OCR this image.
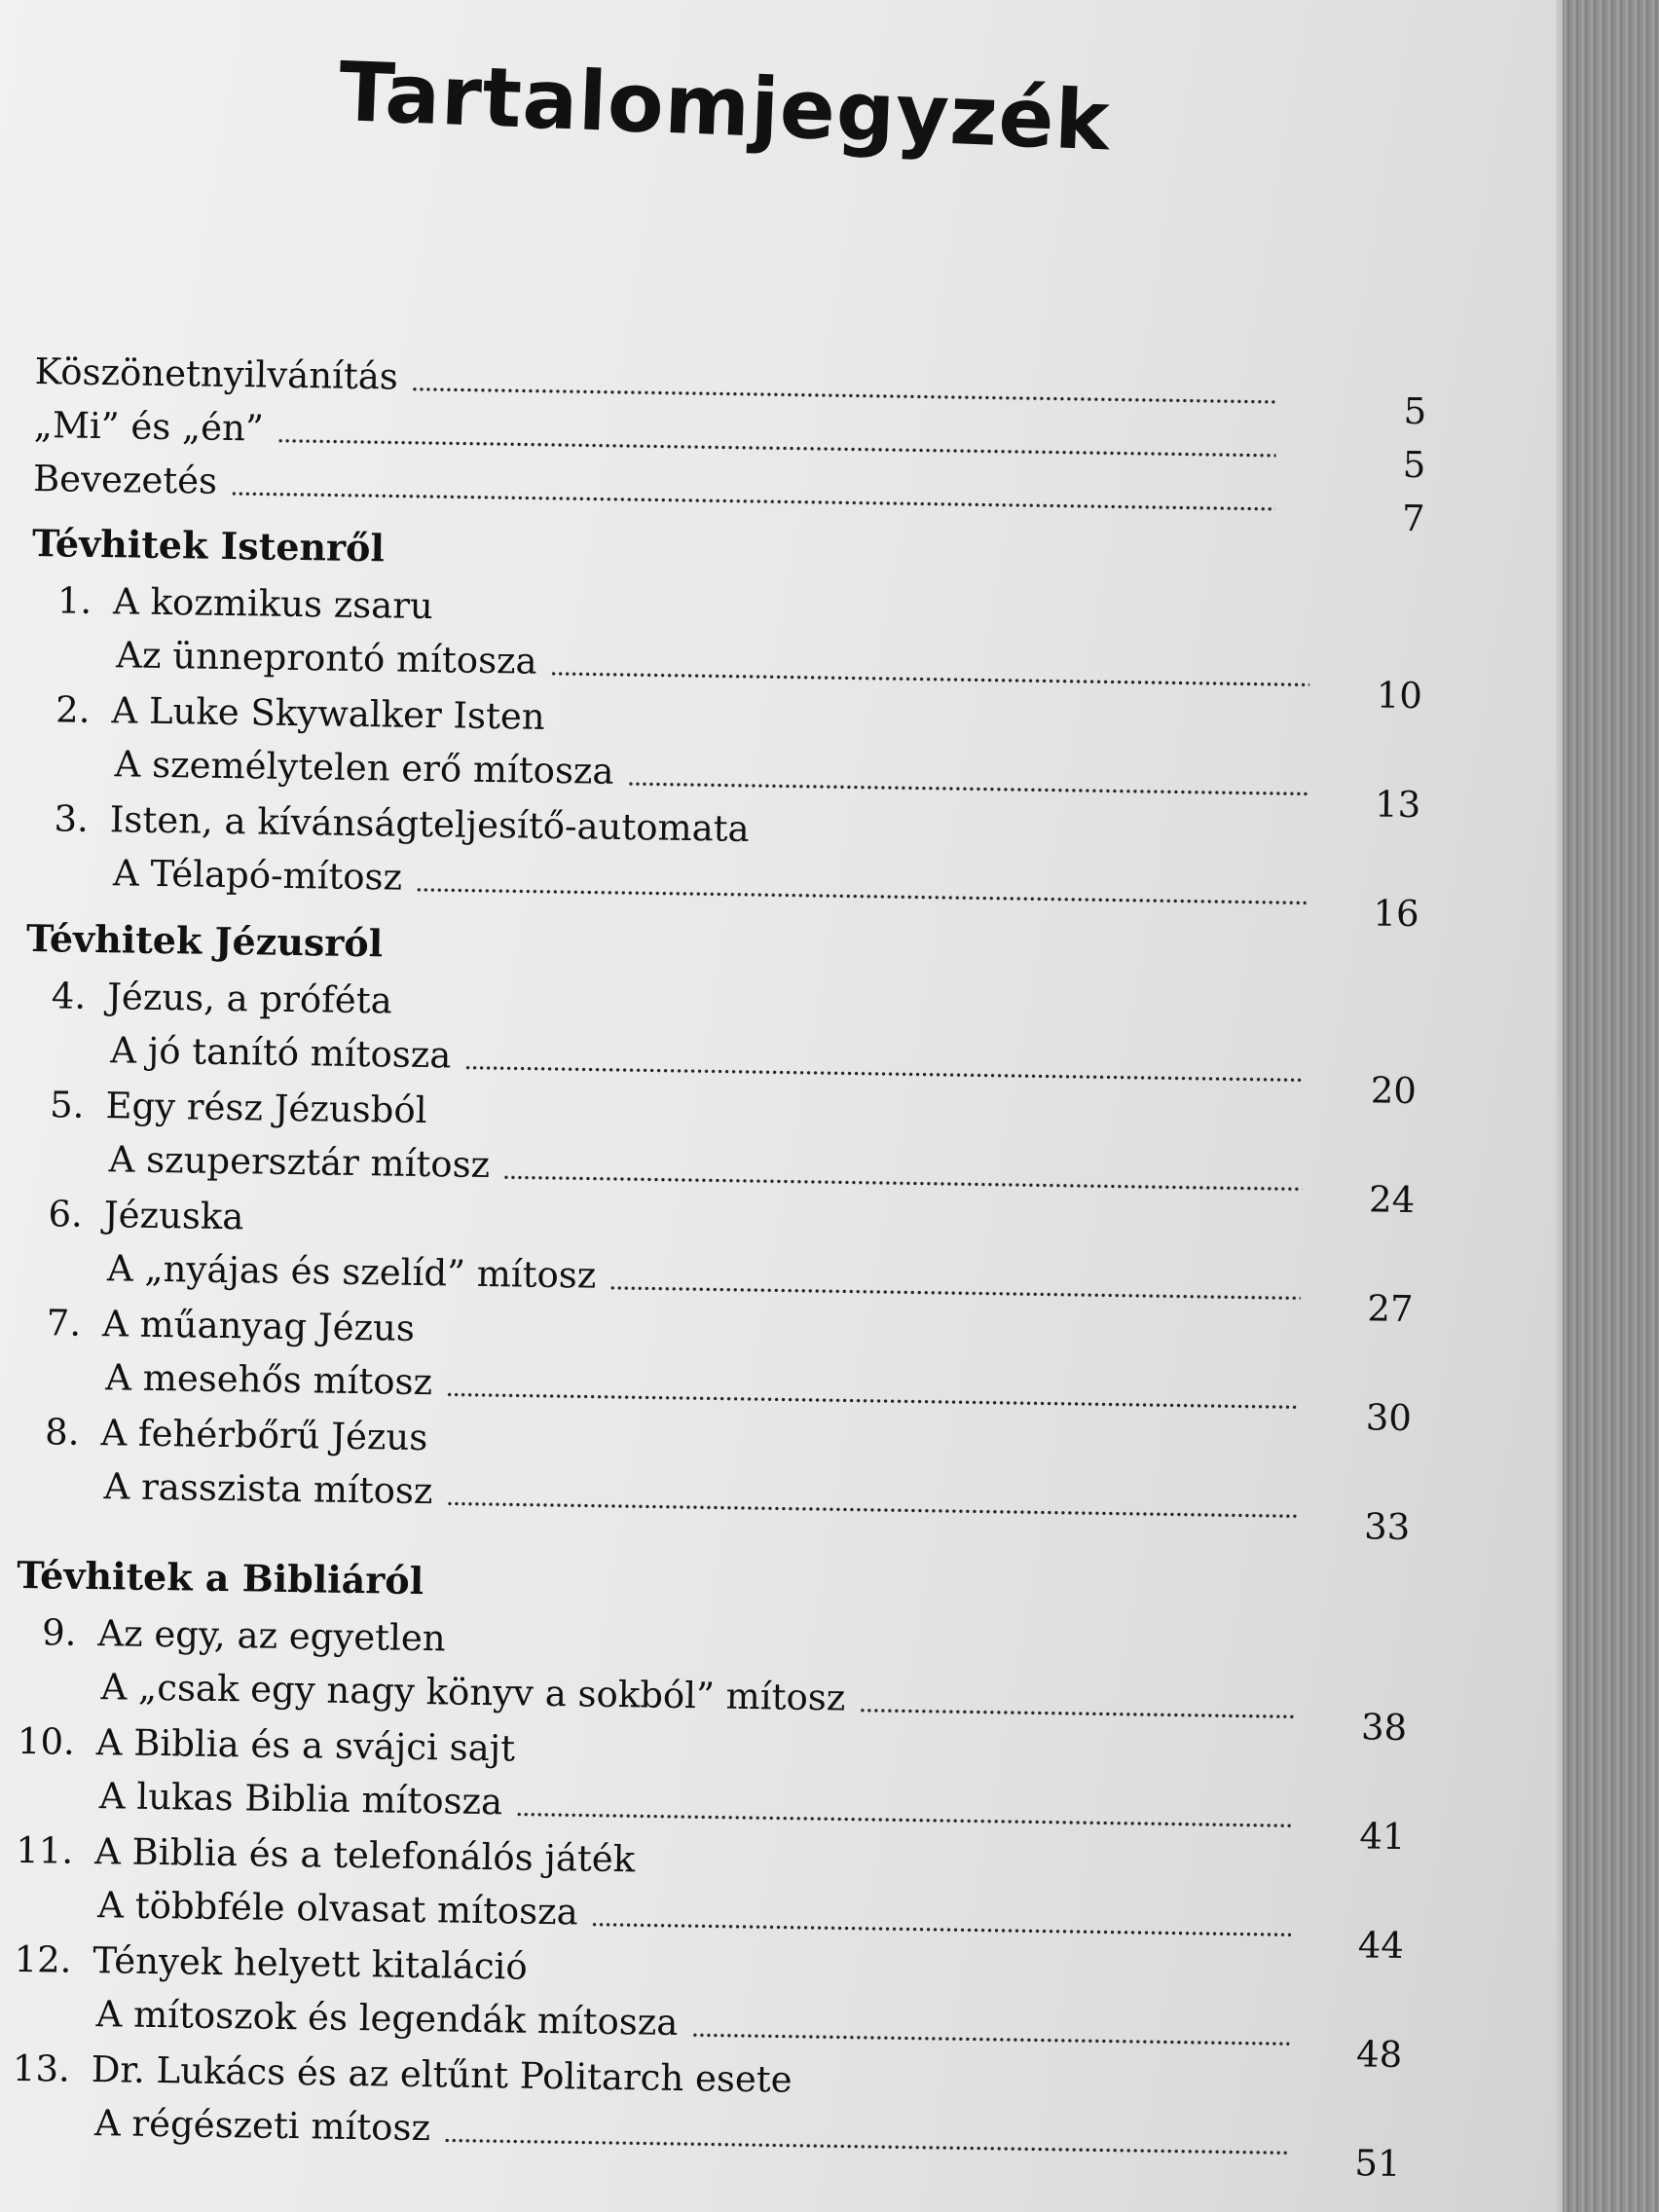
Tartalomjegyzék
Köszönetnyilvánítás
5
„Mi” és „én”
5
Bevezetés
7
Tévhitek Istenről
1. A kozmikus zsaru
Az ünneprontó mítosza
10
2. A Luke Skywalker Isten
A személytelen erő mítosza
13
3. Isten, a kívánságteljesítő-automata
A Télapó-mítosz
16
Tévhitek Jézusról
4. Jézus, a próféta
A jó tanító mítosza
20
5. Egy rész Jézusból
A szupersztár mítosz
24
6. Jézuska
A „nyájas és szelíd” mítosz
27
7. A műanyag Jézus
A mesehős mítosz
30
8. A fehérbőrű Jézus
A rasszista mítosz
33
Tévhitek a Bibliáról
9. Az egy, az egyetlen
A „csak egy nagy könyv a sokból” mítosz
38
10. A Biblia és a svájci sajt
A lukas Biblia mítosza
41
11. A Biblia és a telefonálós játék
A többféle olvasat mítosza
44
12. Tények helyett kitaláció
A mítoszok és legendák mítosza
48
13. Dr. Lukács és az eltűnt Politarch esete
A régészeti mítosz
51
